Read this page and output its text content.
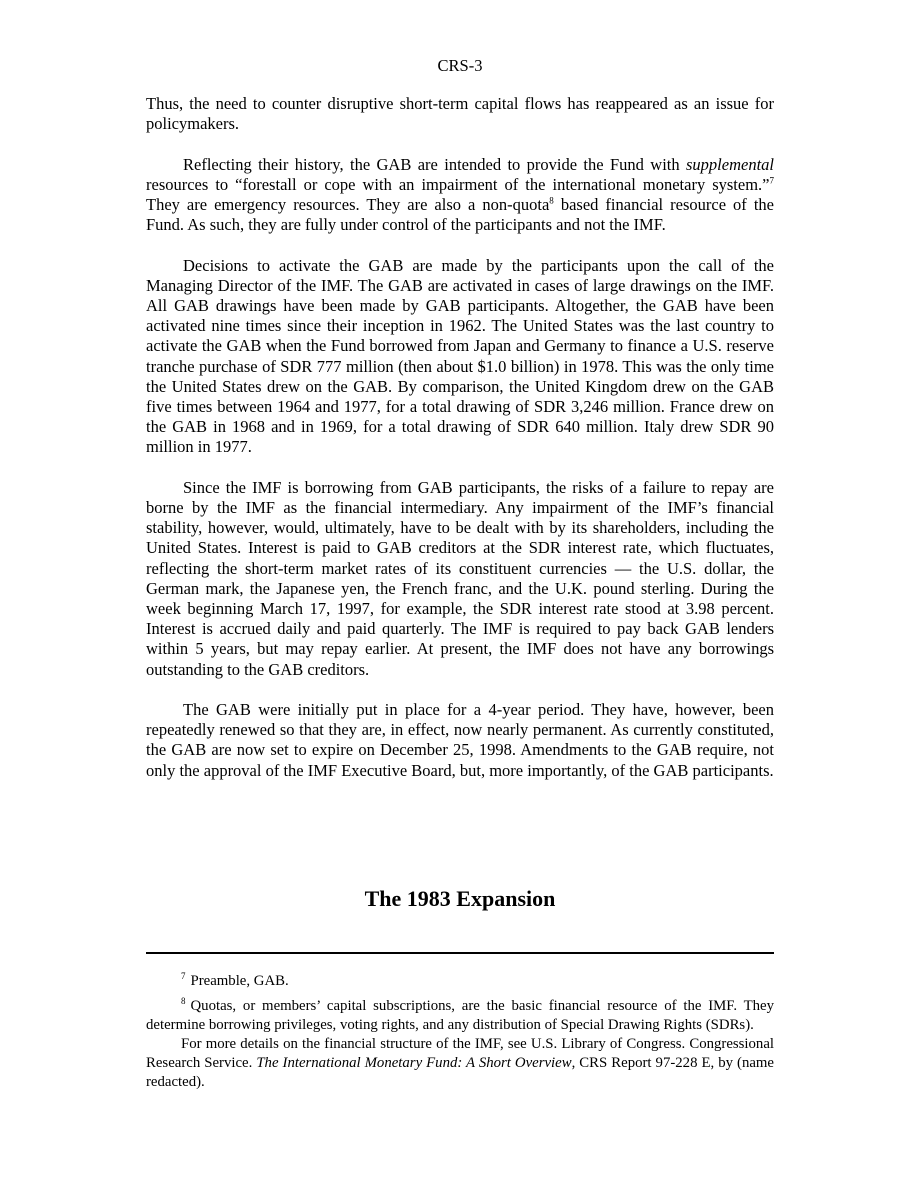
CRS-3

Thus, the need to counter disruptive short-term capital flows has reappeared as an issue for policymakers.

Reflecting their history, the GAB are intended to provide the Fund with supplemental resources to “forestall or cope with an impairment of the international monetary system.”$^7$ They are emergency resources. They are also a non-quota$^8$ based financial resource of the Fund. As such, they are fully under control of the participants and not the IMF.

Decisions to activate the GAB are made by the participants upon the call of the Managing Director of the IMF. The GAB are activated in cases of large drawings on the IMF. All GAB drawings have been made by GAB participants. Altogether, the GAB have been activated nine times since their inception in 1962. The United States was the last country to activate the GAB when the Fund borrowed from Japan and Germany to finance a U.S. reserve tranche purchase of SDR 777 million (then about $1.0 billion) in 1978. This was the only time the United States drew on the GAB. By comparison, the United Kingdom drew on the GAB five times between 1964 and 1977, for a total drawing of SDR 3,246 million. France drew on the GAB in 1968 and in 1969, for a total drawing of SDR 640 million. Italy drew SDR 90 million in 1977.

Since the IMF is borrowing from GAB participants, the risks of a failure to repay are borne by the IMF as the financial intermediary. Any impairment of the IMF’s financial stability, however, would, ultimately, have to be dealt with by its shareholders, including the United States. Interest is paid to GAB creditors at the SDR interest rate, which fluctuates, reflecting the short-term market rates of its constituent currencies — the U.S. dollar, the German mark, the Japanese yen, the French franc, and the U.K. pound sterling. During the week beginning March 17, 1997, for example, the SDR interest rate stood at 3.98 percent. Interest is accrued daily and paid quarterly. The IMF is required to pay back GAB lenders within 5 years, but may repay earlier. At present, the IMF does not have any borrowings outstanding to the GAB creditors.

The GAB were initially put in place for a 4-year period. They have, however, been repeatedly renewed so that they are, in effect, now nearly permanent. As currently constituted, the GAB are now set to expire on December 25, 1998. Amendments to the GAB require, not only the approval of the IMF Executive Board, but, more importantly, of the GAB participants.

The 1983 Expansion

$^7$ Preamble, GAB.

$^8$ Quotas, or members’ capital subscriptions, are the basic financial resource of the IMF. They determine borrowing privileges, voting rights, and any distribution of Special Drawing Rights (SDRs).

For more details on the financial structure of the IMF, see U.S. Library of Congress. Congressional Research Service. The International Monetary Fund: A Short Overview, CRS Report 97-228 E, by (name redacted).
